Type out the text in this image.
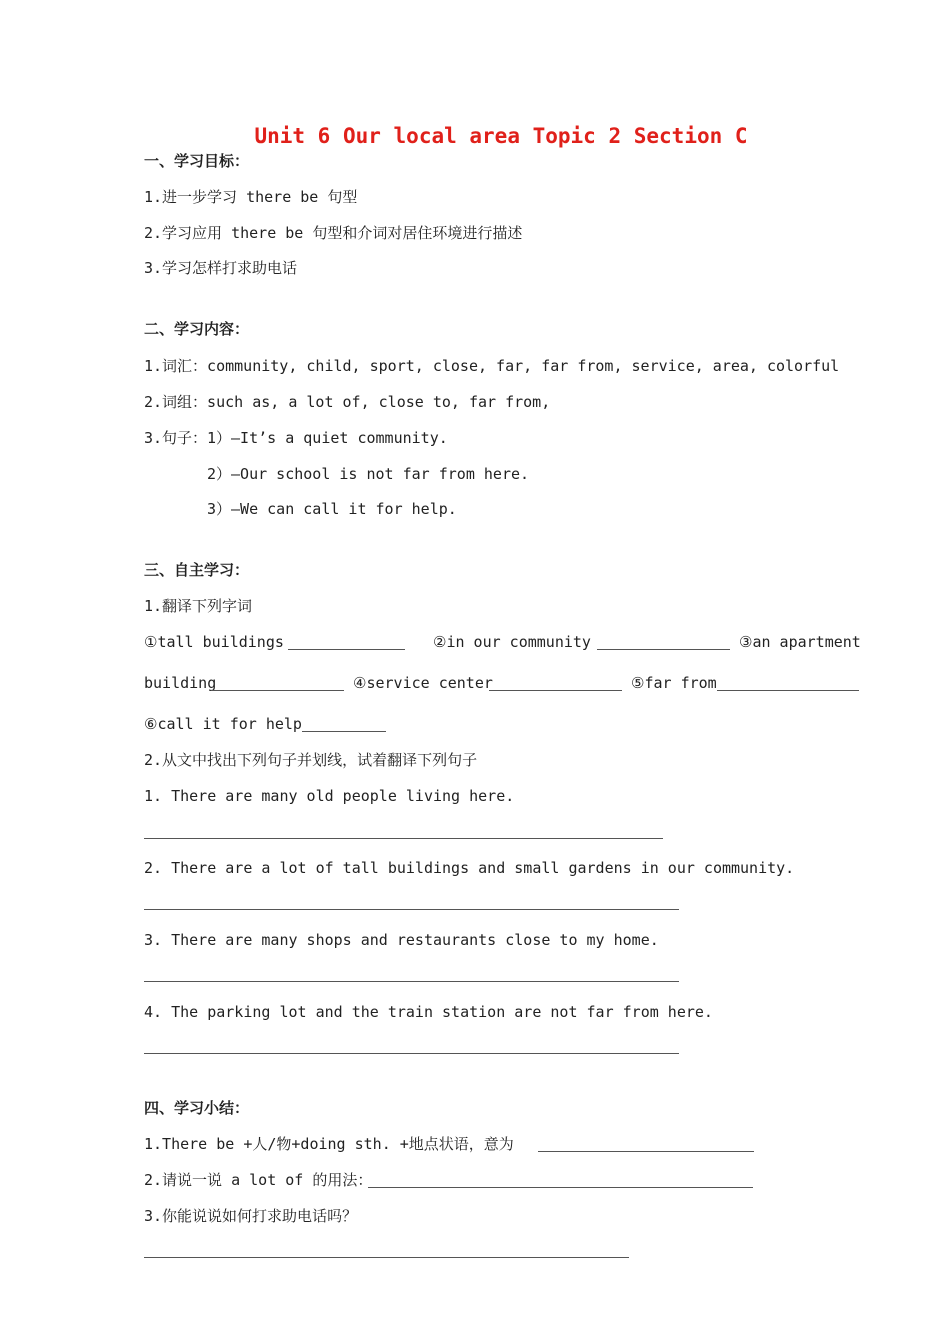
Unit 6 Our local area Topic 2 Section C
一、学习目标：
1.进一步学习 there be 句型
2.学习应用 there be 句型和介词对居住环境进行描述
3.学习怎样打求助电话
二、学习内容：
1.词汇：community, child, sport, close, far, far from, service, area, colorful
2.词组：such as, a lot of, close to, far from,
3.句子： 1）—It’s a quiet community.
2）—Our school is not far from here.
3）—We can call it for help.
三、自主学习：
1.翻译下列字词
①tall buildings	②in our community	③an apartment
building	④service center	⑤far from
⑥call it for help
2.从文中找出下列句子并划线，试着翻译下列句子
1. There are many old people living here.
2. There are a lot of tall buildings and small gardens in our community.
3. There are many shops and restaurants close to my home.
4. The parking lot and the train station are not far from here.
四、学习小结：
1.There be +人/物+doing sth. +地点状语，意为
2.请说一说 a lot of 的用法：
3.你能说说如何打求助电话吗？
